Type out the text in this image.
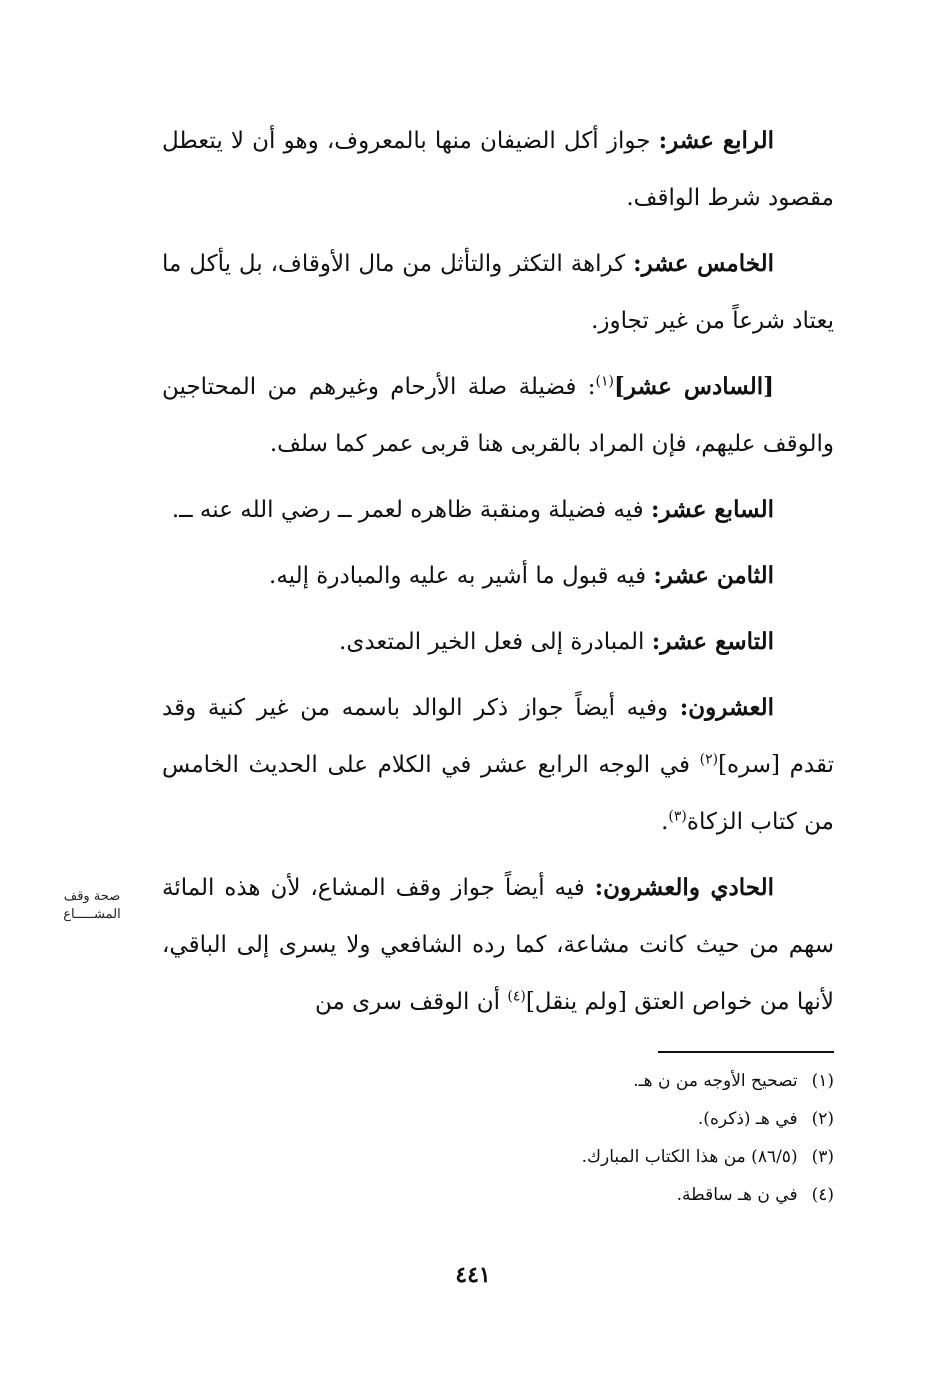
الرابع عشر: جواز أكل الضيفان منها بالمعروف، وهو أن لا يتعطل مقصود شرط الواقف.

الخامس عشر: كراهة التكثر والتأثل من مال الأوقاف، بل يأكل ما يعتاد شرعاً من غير تجاوز.

[السادس عشر]$^{(١)}$: فضيلة صلة الأرحام وغيرهم من المحتاجين والوقف عليهم، فإن المراد بالقربى هنا قربى عمر كما سلف.

السابع عشر: فيه فضيلة ومنقبة ظاهره لعمر ــ رضي الله عنه ــ.

الثامن عشر: فيه قبول ما أشير به عليه والمبادرة إليه.

التاسع عشر: المبادرة إلى فعل الخير المتعدى.

العشرون: وفيه أيضاً جواز ذكر الوالد باسمه من غير كنية وقد تقدم [سره]$^{(٢)}$ في الوجه الرابع عشر في الكلام على الحديث الخامس من كتاب الزكاة$^{(٣)}$.

الحادي والعشرون: فيه أيضاً جواز وقف المشاع، لأن هذه المائة سهم من حيث كانت مشاعة، كما رده الشافعي ولا يسرى إلى الباقي، لأنها من خواص العتق [ولم ينقل]$^{(٤)}$ أن الوقف سرى من

صحة وقف
المشـــــاع
(١)تصحيح الأوجه من ن هـ.
(٢)في هـ (ذكره).
(٣)(٨٦/٥) من هذا الكتاب المبارك.
(٤)في ن هـ ساقطة.
٤٤١
